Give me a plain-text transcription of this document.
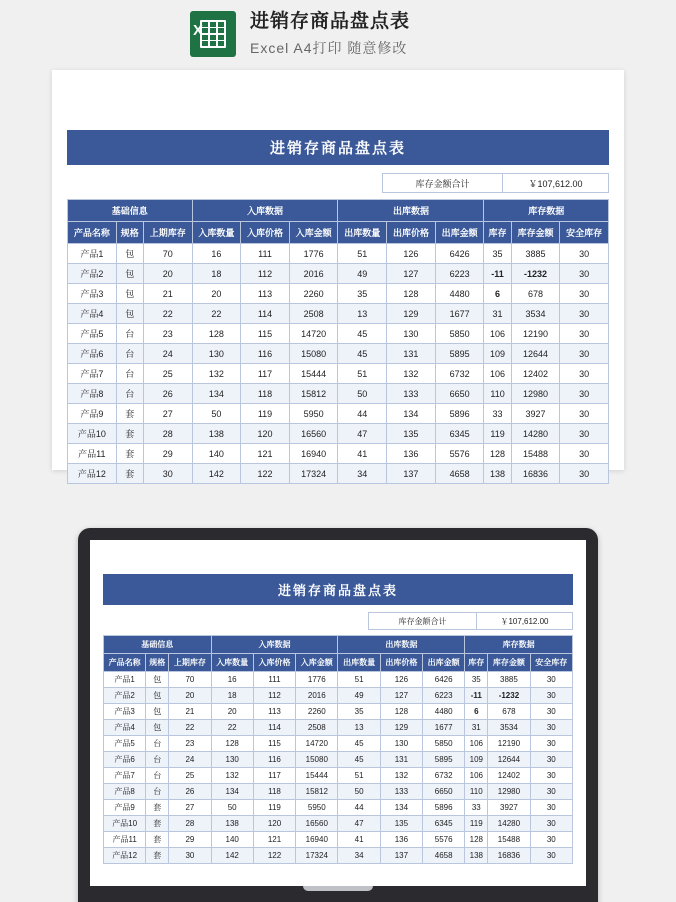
X 进销存商品盘点表
Excel A4打印 随意修改
进销存商品盘点表
库存金额合计	￥107,612.00
基础信息			入库数据			出库数据			库存数据		
产品名称	规格	上期库存	入库数量	入库价格	入库金额	出库数量	出库价格	出库金额	库存	库存金额	安全库存
产品1	包	70	16	111	1776	51	126	6426	35	3885	30
产品2	包	20	18	112	2016	49	127	6223	-11	-1232	30
产品3	包	21	20	113	2260	35	128	4480	6	678	30
产品4	包	22	22	114	2508	13	129	1677	31	3534	30
产品5	台	23	128	115	14720	45	130	5850	106	12190	30
产品6	台	24	130	116	15080	45	131	5895	109	12644	30
产品7	台	25	132	117	15444	51	132	6732	106	12402	30
产品8	台	26	134	118	15812	50	133	6650	110	12980	30
产品9	套	27	50	119	5950	44	134	5896	33	3927	30
产品10	套	28	138	120	16560	47	135	6345	119	14280	30
产品11	套	29	140	121	16940	41	136	5576	128	15488	30
产品12	套	30	142	122	17324	34	137	4658	138	16836	30
进销存商品盘点表
库存金额合计	￥107,612.00
基础信息			入库数据			出库数据			库存数据		
产品名称	规格	上期库存	入库数量	入库价格	入库金额	出库数量	出库价格	出库金额	库存	库存金额	安全库存
产品1	包	70	16	111	1776	51	126	6426	35	3885	30
产品2	包	20	18	112	2016	49	127	6223	-11	-1232	30
产品3	包	21	20	113	2260	35	128	4480	6	678	30
产品4	包	22	22	114	2508	13	129	1677	31	3534	30
产品5	台	23	128	115	14720	45	130	5850	106	12190	30
产品6	台	24	130	116	15080	45	131	5895	109	12644	30
产品7	台	25	132	117	15444	51	132	6732	106	12402	30
产品8	台	26	134	118	15812	50	133	6650	110	12980	30
产品9	套	27	50	119	5950	44	134	5896	33	3927	30
产品10	套	28	138	120	16560	47	135	6345	119	14280	30
产品11	套	29	140	121	16940	41	136	5576	128	15488	30
产品12	套	30	142	122	17324	34	137	4658	138	16836	30
